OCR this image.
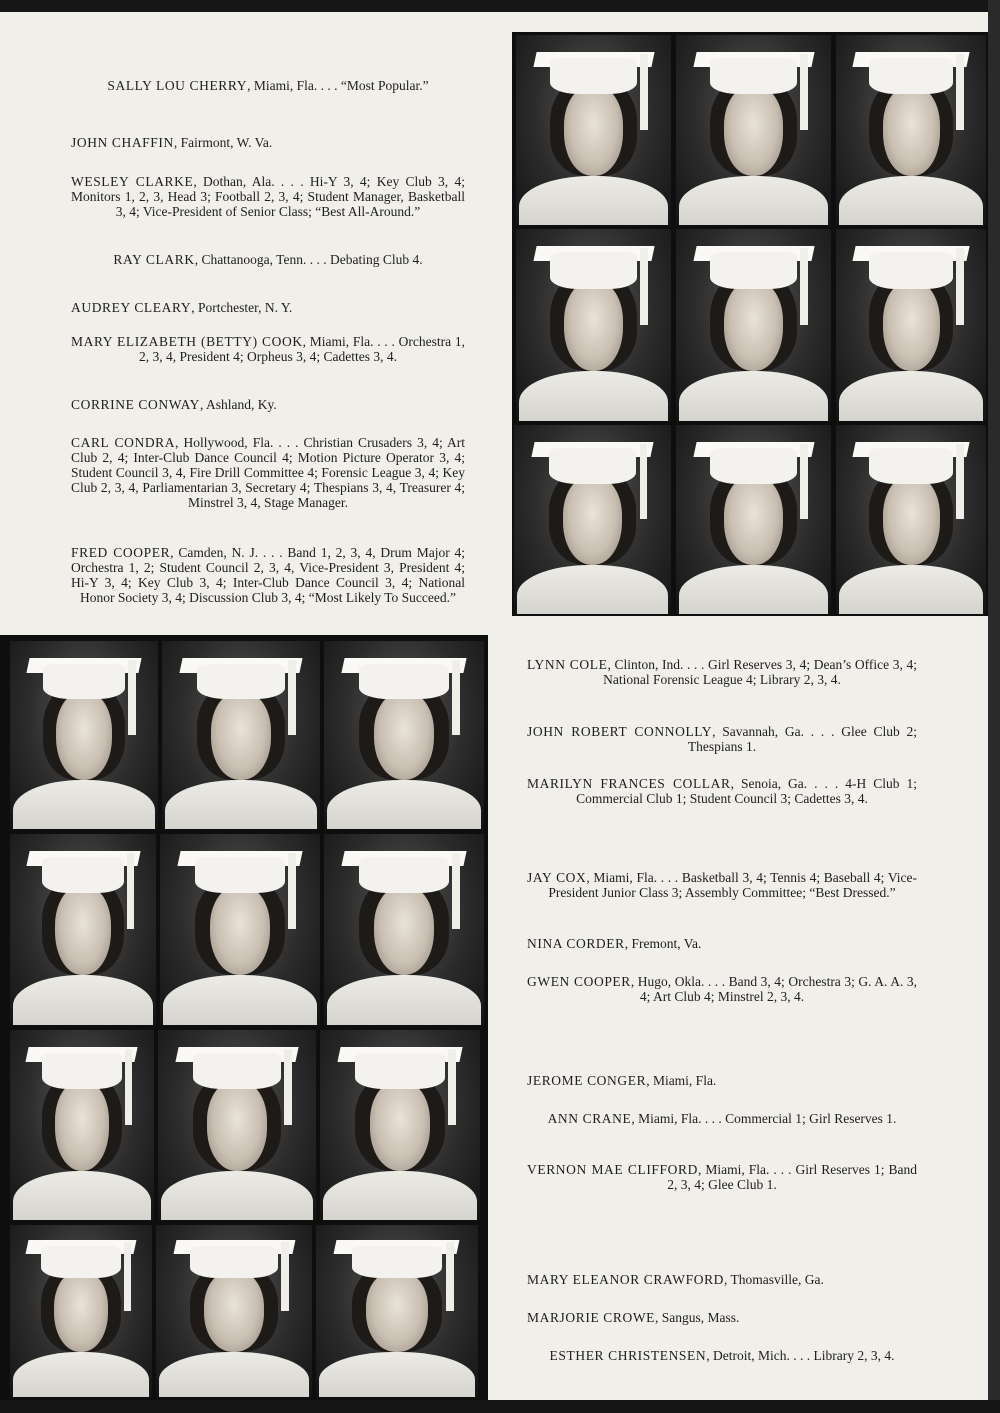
SALLY LOU CHERRY, Miami, Fla. . . . “Most Popular.”
JOHN CHAFFIN, Fairmont, W. Va.
WESLEY CLARKE, Dothan, Ala. . . . Hi-Y 3, 4; Key Club 3, 4; Monitors 1, 2, 3, Head 3; Football 2, 3, 4; Student Manager, Basketball 3, 4; Vice-President of Senior Class; “Best All-Around.”
RAY CLARK, Chattanooga, Tenn. . . . Debating Club 4.
AUDREY CLEARY, Portchester, N. Y.
MARY ELIZABETH (BETTY) COOK, Miami, Fla. . . . Orchestra 1, 2, 3, 4, President 4; Orpheus 3, 4; Cadettes 3, 4.
CORRINE CONWAY, Ashland, Ky.
CARL CONDRA, Hollywood, Fla. . . . Christian Crusaders 3, 4; Art Club 2, 4; Inter-Club Dance Council 4; Motion Picture Operator 3, 4; Student Council 3, 4, Fire Drill Committee 4; Forensic League 3, 4; Key Club 2, 3, 4, Parliamentarian 3, Secretary 4; Thespians 3, 4, Treasurer 4; Minstrel 3, 4, Stage Manager.
FRED COOPER, Camden, N. J. . . . Band 1, 2, 3, 4, Drum Major 4; Orchestra 1, 2; Student Council 2, 3, 4, Vice-President 3, President 4; Hi-Y 3, 4; Key Club 3, 4; Inter-Club Dance Council 3, 4; National Honor Society 3, 4; Discussion Club 3, 4; “Most Likely To Succeed.”
LYNN COLE, Clinton, Ind. . . . Girl Reserves 3, 4; Dean’s Office 3, 4; National Forensic League 4; Library 2, 3, 4.
JOHN ROBERT CONNOLLY, Savannah, Ga. . . . Glee Club 2; Thespians 1.
MARILYN FRANCES COLLAR, Senoia, Ga. . . . 4-H Club 1; Commercial Club 1; Student Council 3; Cadettes 3, 4.
JAY COX, Miami, Fla. . . . Basketball 3, 4; Tennis 4; Baseball 4; Vice-President Junior Class 3; Assembly Committee; “Best Dressed.”
NINA CORDER, Fremont, Va.
GWEN COOPER, Hugo, Okla. . . . Band 3, 4; Orchestra 3; G. A. A. 3, 4; Art Club 4; Minstrel 2, 3, 4.
JEROME CONGER, Miami, Fla.
ANN CRANE, Miami, Fla. . . . Commercial 1; Girl Reserves 1.
VERNON MAE CLIFFORD, Miami, Fla. . . . Girl Reserves 1; Band 2, 3, 4; Glee Club 1.
MARY ELEANOR CRAWFORD, Thomasville, Ga.
MARJORIE CROWE, Sangus, Mass.
ESTHER CHRISTENSEN, Detroit, Mich. . . . Library 2, 3, 4.
